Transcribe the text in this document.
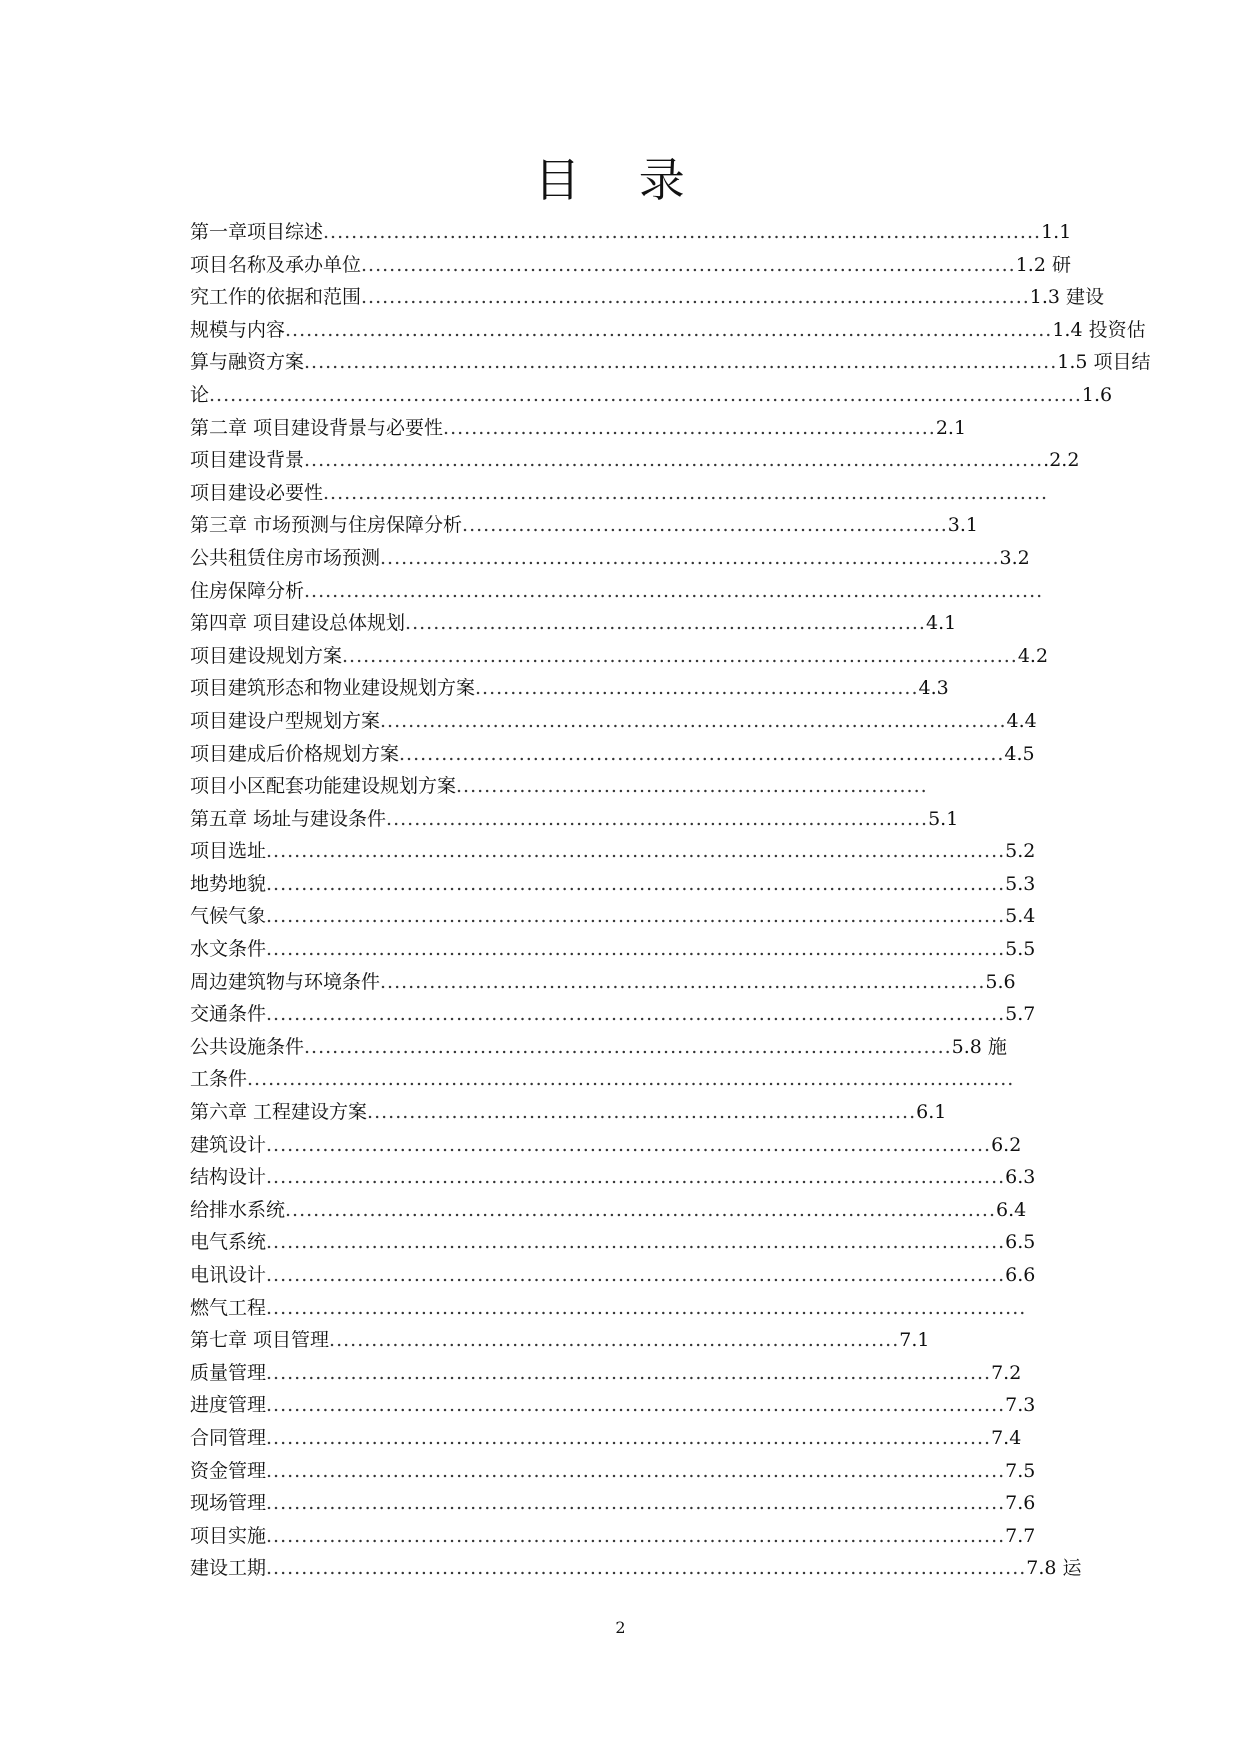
目 录
第一章项目综述......................................................................................................1.1
项目名称及承办单位.............................................................................................1.2 研
究工作的依据和范围...............................................................................................1.3 建设
规模与内容.............................................................................................................1.4 投资估
算与融资方案...........................................................................................................1.5 项目结
论............................................................................................................................1.6
第二章 项目建设背景与必要性......................................................................2.1
项目建设背景..........................................................................................................2.2
项目建设必要性.......................................................................................................
第三章 市场预测与住房保障分析.....................................................................3.1
公共租赁住房市场预测........................................................................................3.2
住房保障分析.........................................................................................................
第四章 项目建设总体规划..........................................................................4.1
项目建设规划方案................................................................................................4.2
项目建筑形态和物业建设规划方案...............................................................4.3
项目建设户型规划方案.........................................................................................4.4
项目建成后价格规划方案......................................................................................4.5
项目小区配套功能建设规划方案...................................................................
第五章 场址与建设条件.............................................................................5.1
项目选址.........................................................................................................5.2
地势地貌.........................................................................................................5.3
气候气象.........................................................................................................5.4
水文条件.........................................................................................................5.5
周边建筑物与环境条件......................................................................................5.6
交通条件.........................................................................................................5.7
公共设施条件............................................................................................5.8 施
工条件.............................................................................................................
第六章 工程建设方案..............................................................................6.1
建筑设计.......................................................................................................6.2
结构设计.........................................................................................................6.3
给排水系统.....................................................................................................6.4
电气系统.........................................................................................................6.5
电讯设计.........................................................................................................6.6
燃气工程............................................................................................................
第七章 项目管理.................................................................................7.1
质量管理.......................................................................................................7.2
进度管理.........................................................................................................7.3
合同管理.......................................................................................................7.4
资金管理.........................................................................................................7.5
现场管理.........................................................................................................7.6
项目实施.........................................................................................................7.7
建设工期............................................................................................................7.8 运
2
